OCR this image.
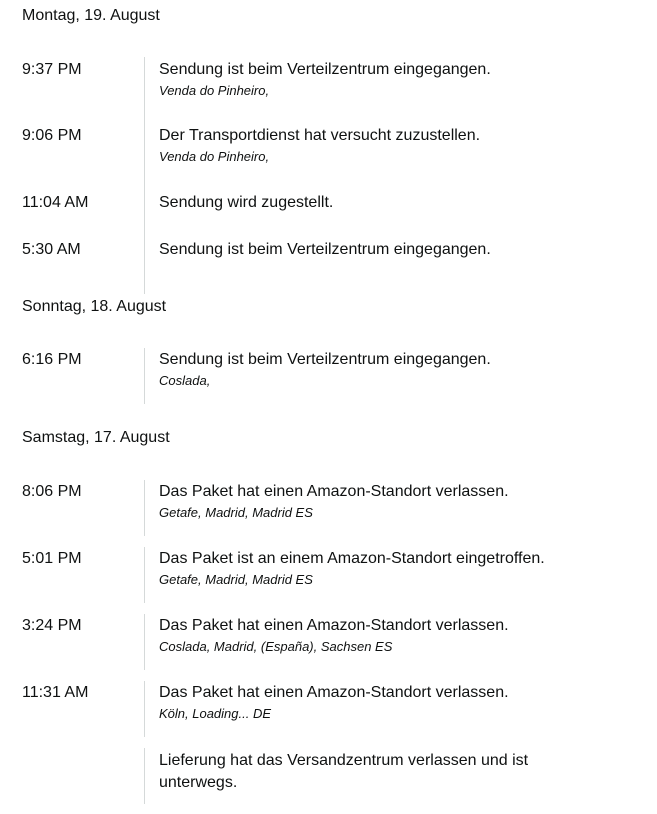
Montag, 19. August
9:37 PM	Sendung ist beim Verteilzentrum eingegangen.
Venda do Pinheiro,
9:06 PM	Der Transportdienst hat versucht zuzustellen.
Venda do Pinheiro,
11:04 AM	Sendung wird zugestellt.
5:30 AM	Sendung ist beim Verteilzentrum eingegangen.
Sonntag, 18. August
6:16 PM	Sendung ist beim Verteilzentrum eingegangen.
Coslada,
Samstag, 17. August
8:06 PM	Das Paket hat einen Amazon-Standort verlassen.
Getafe, Madrid, Madrid ES
5:01 PM	Das Paket ist an einem Amazon-Standort eingetroffen.
Getafe, Madrid, Madrid ES
3:24 PM	Das Paket hat einen Amazon-Standort verlassen.
Coslada, Madrid, (España), Sachsen ES
11:31 AM	Das Paket hat einen Amazon-Standort verlassen.
Köln, Loading... DE
Lieferung hat das Versandzentrum verlassen und ist unterwegs.
